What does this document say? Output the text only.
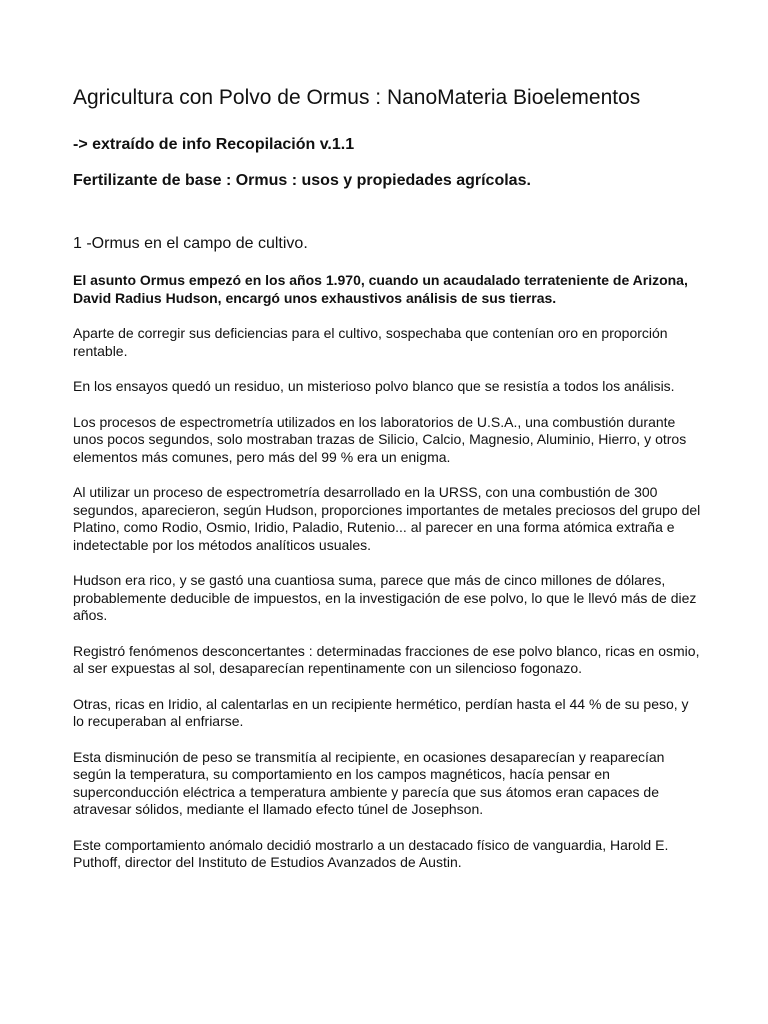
Agricultura con Polvo de Ormus : NanoMateria Bioelementos

-> extraído de info Recopilación v.1.1

Fertilizante de base : Ormus : usos y propiedades agrícolas.

1 -Ormus en el campo de cultivo.

El asunto Ormus empezó en los años 1.970, cuando un acaudalado terrateniente de Arizona, David Radius Hudson, encargó unos exhaustivos análisis de sus tierras.

Aparte de corregir sus deficiencias para el cultivo, sospechaba que contenían oro en proporción rentable.

En los ensayos quedó un residuo, un misterioso polvo blanco que se resistía a todos los análisis.

Los procesos de espectrometría utilizados en los laboratorios de U.S.A., una combustión durante unos pocos segundos, solo mostraban trazas de Silicio, Calcio, Magnesio, Aluminio, Hierro, y otros elementos más comunes, pero más del 99 % era un enigma.

Al utilizar un proceso de espectrometría desarrollado en la URSS, con una combustión de 300 segundos, aparecieron, según Hudson, proporciones importantes de metales preciosos del grupo del Platino, como Rodio, Osmio, Iridio, Paladio, Rutenio... al parecer en una forma atómica extraña e indetectable por los métodos analíticos usuales.

Hudson era rico, y se gastó una cuantiosa suma, parece que más de cinco millones de dólares, probablemente deducible de impuestos, en la investigación de ese polvo, lo que le llevó más de diez años.

Registró fenómenos desconcertantes : determinadas fracciones de ese polvo blanco, ricas en osmio, al ser expuestas al sol, desaparecían repentinamente con un silencioso fogonazo.

Otras, ricas en Iridio, al calentarlas en un recipiente hermético, perdían hasta el 44 % de su peso, y lo recuperaban al enfriarse.

Esta disminución de peso se transmitía al recipiente, en ocasiones desaparecían y reaparecían según la temperatura, su comportamiento en los campos magnéticos, hacía pensar en superconducción eléctrica a temperatura ambiente y parecía que sus átomos eran capaces de atravesar sólidos, mediante el llamado efecto túnel de Josephson.

Este comportamiento anómalo decidió mostrarlo a un destacado físico de vanguardia, Harold E. Puthoff, director del Instituto de Estudios Avanzados de Austin.
